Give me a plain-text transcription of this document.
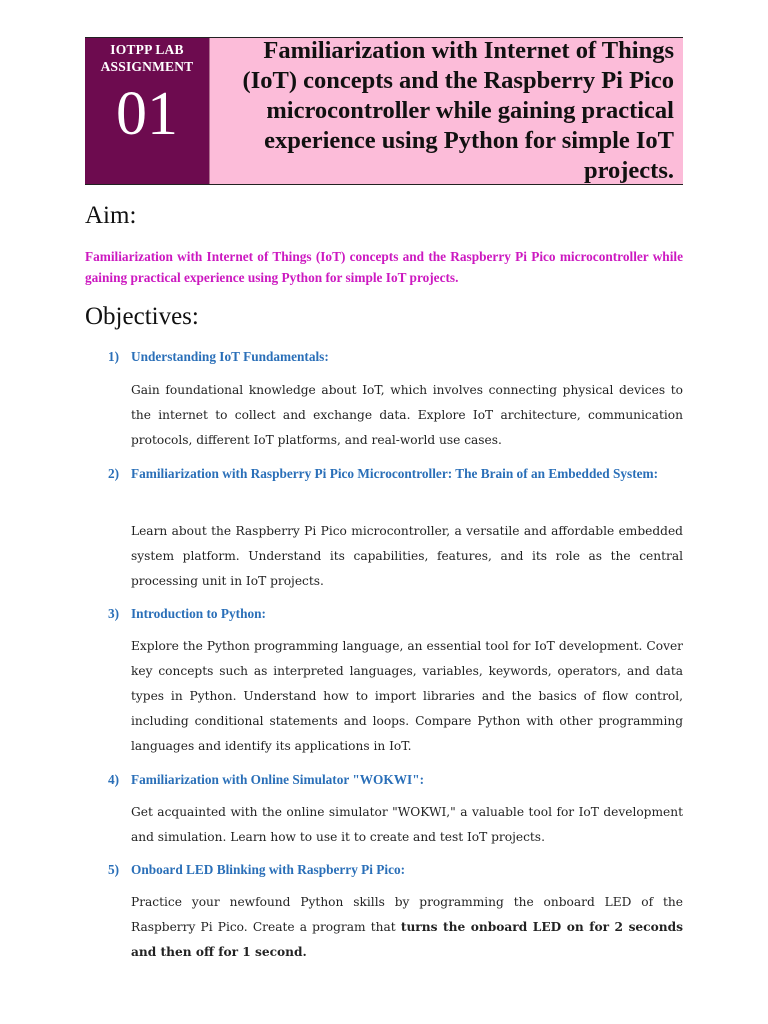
IOTPP LAB ASSIGNMENT
01
Familiarization with Internet of Things (IoT) concepts and the Raspberry Pi Pico microcontroller while gaining practical experience using Python for simple IoT projects.
Aim:

Familiarization with Internet of Things (IoT) concepts and the Raspberry Pi Pico microcontroller while gaining practical experience using Python for simple IoT projects.

Objectives:
1) Understanding IoT Fundamentals:

Gain foundational knowledge about IoT, which involves connecting physical devices to the internet to collect and exchange data. Explore IoT architecture, communication protocols, different IoT platforms, and real-world use cases.

2) Familiarization with Raspberry Pi Pico Microcontroller: The Brain of an Embedded System:

Learn about the Raspberry Pi Pico microcontroller, a versatile and affordable embedded system platform. Understand its capabilities, features, and its role as the central processing unit in IoT projects.

3) Introduction to Python:

Explore the Python programming language, an essential tool for IoT development. Cover key concepts such as interpreted languages, variables, keywords, operators, and data types in Python. Understand how to import libraries and the basics of flow control, including conditional statements and loops. Compare Python with other programming languages and identify its applications in IoT.

4) Familiarization with Online Simulator "WOKWI":

Get acquainted with the online simulator "WOKWI," a valuable tool for IoT development and simulation. Learn how to use it to create and test IoT projects.

5) Onboard LED Blinking with Raspberry Pi Pico:

Practice your newfound Python skills by programming the onboard LED of the Raspberry Pi Pico. Create a program that turns the onboard LED on for 2 seconds and then off for 1 second.
